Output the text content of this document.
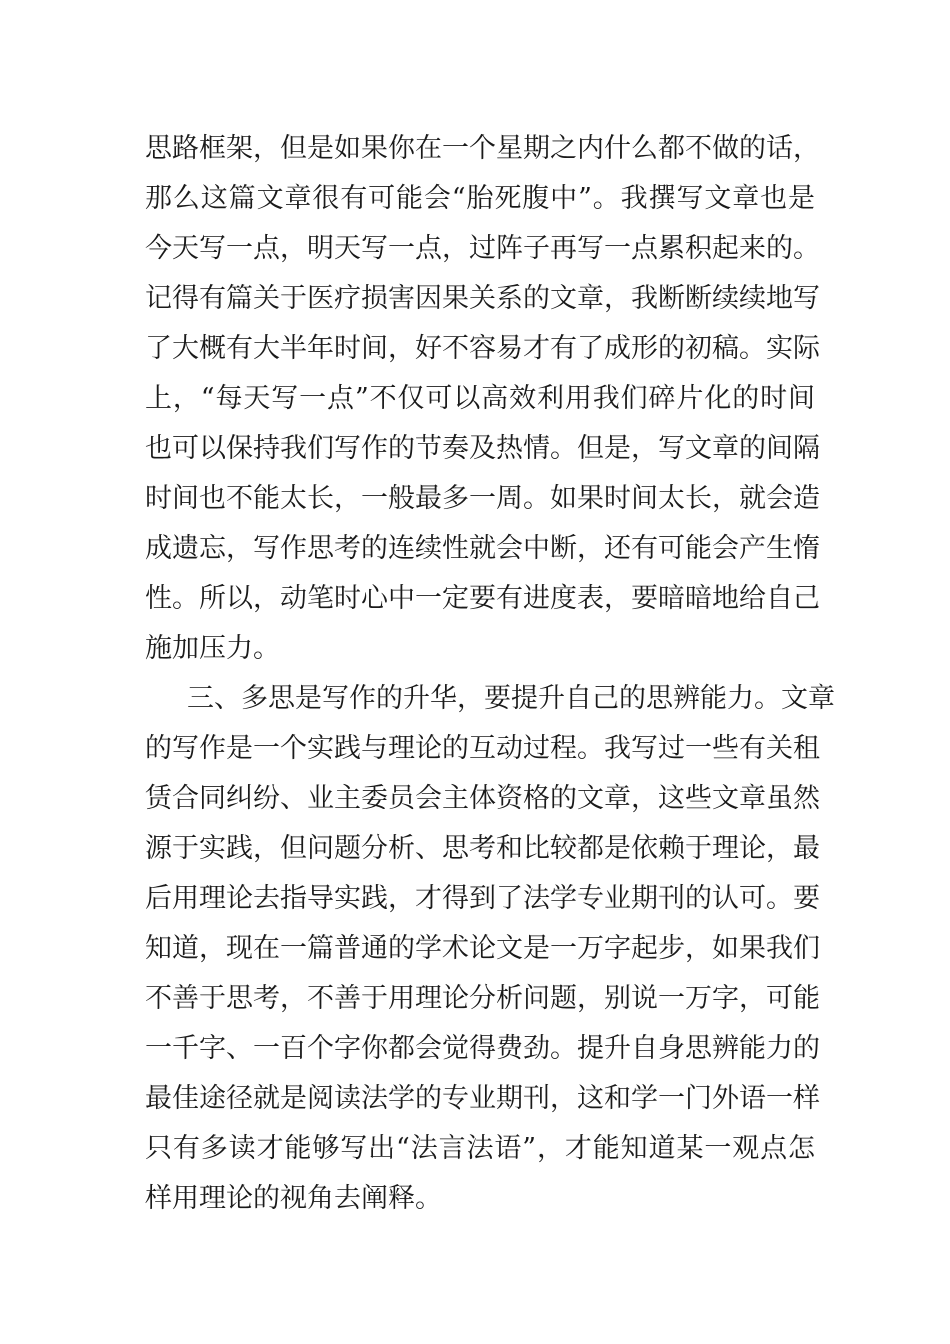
思 路 框 架 ， 但 是 如 果 你 在 一 个 星 期 之 内 什 么 都 不 做 的 话 ，
那 么 这 篇 文 章 很 有 可 能 会 “ 胎 死 腹 中 ” 。 我 撰 写 文 章 也 是
今 天 写 一 点 ， 明 天 写 一 点 ， 过 阵 子 再 写 一 点 累 积 起 来 的 。
记 得 有 篇 关 于 医 疗 损 害 因 果 关 系 的 文 章 ， 我 断 断 续 续 地 写
了 大 概 有 大 半 年 时 间 ， 好 不 容 易 才 有 了 成 形 的 初 稿 。 实 际
上 ， “ 每 天 写 一 点 ” 不 仅 可 以 高 效 利 用 我 们 碎 片 化 的 时 间
也 可 以 保 持 我 们 写 作 的 节 奏 及 热 情 。 但 是 ， 写 文 章 的 间 隔
时 间 也 不 能 太 长 ， 一 般 最 多 一 周 。 如 果 时 间 太 长 ， 就 会 造
成 遗 忘 ， 写 作 思 考 的 连 续 性 就 会 中 断 ， 还 有 可 能 会 产 生 惰
性 。 所 以 ， 动 笔 时 心 中 一 定 要 有 进 度 表 ， 要 暗 暗 地 给 自 己
施加压力。
三 、 多 思 是 写 作 的 升 华 ， 要 提 升 自 己 的 思 辨 能 力 。 文 章
的 写 作 是 一 个 实 践 与 理 论 的 互 动 过 程 。 我 写 过 一 些 有 关 租
赁 合 同 纠 纷 、 业 主 委 员 会 主 体 资 格 的 文 章 ， 这 些 文 章 虽 然
源 于 实 践 ， 但 问 题 分 析 、 思 考 和 比 较 都 是 依 赖 于 理 论 ， 最
后 用 理 论 去 指 导 实 践 ， 才 得 到 了 法 学 专 业 期 刊 的 认 可 。 要
知 道 ， 现 在 一 篇 普 通 的 学 术 论 文 是 一 万 字 起 步 ， 如 果 我 们
不 善 于 思 考 ， 不 善 于 用 理 论 分 析 问 题 ， 别 说 一 万 字 ， 可 能
一 千 字 、 一 百 个 字 你 都 会 觉 得 费 劲 。 提 升 自 身 思 辨 能 力 的
最 佳 途 径 就 是 阅 读 法 学 的 专 业 期 刊 ， 这 和 学 一 门 外 语 一 样
只 有 多 读 才 能 够 写 出 “ 法 言 法 语 ” ， 才 能 知 道 某 一 观 点 怎
样用理论的视角去阐释。
